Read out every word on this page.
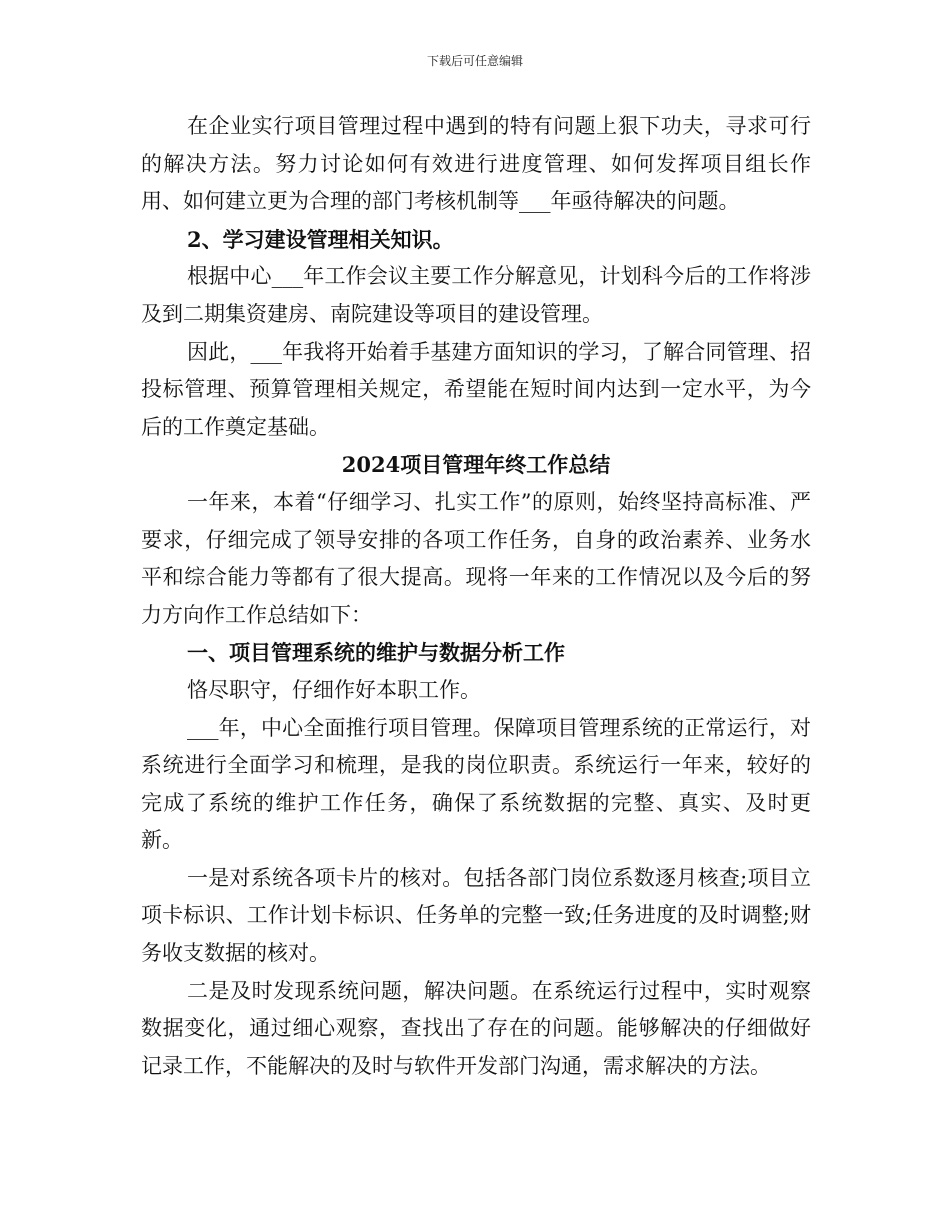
下载后可任意编辑

在企业实行项目管理过程中遇到的特有问题上狠下功夫，寻求可行的解决方法。努力讨论如何有效进行进度管理、如何发挥项目组长作用、如何建立更为合理的部门考核机制等___年亟待解决的问题。

2、学习建设管理相关知识。

根据中心___年工作会议主要工作分解意见，计划科今后的工作将涉及到二期集资建房、南院建设等项目的建设管理。

因此，___年我将开始着手基建方面知识的学习，了解合同管理、招投标管理、预算管理相关规定，希望能在短时间内达到一定水平，为今后的工作奠定基础。

2024项目管理年终工作总结

一年来，本着“仔细学习、扎实工作”的原则，始终坚持高标准、严要求，仔细完成了领导安排的各项工作任务，自身的政治素养、业务水平和综合能力等都有了很大提高。现将一年来的工作情况以及今后的努力方向作工作总结如下：

一、项目管理系统的维护与数据分析工作

恪尽职守，仔细作好本职工作。

___年，中心全面推行项目管理。保障项目管理系统的正常运行，对系统进行全面学习和梳理，是我的岗位职责。系统运行一年来，较好的完成了系统的维护工作任务，确保了系统数据的完整、真实、及时更新。

一是对系统各项卡片的核对。包括各部门岗位系数逐月核查;项目立项卡标识、工作计划卡标识、任务单的完整一致;任务进度的及时调整;财务收支数据的核对。

二是及时发现系统问题，解决问题。在系统运行过程中，实时观察数据变化，通过细心观察，查找出了存在的问题。能够解决的仔细做好记录工作，不能解决的及时与软件开发部门沟通，需求解决的方法。
